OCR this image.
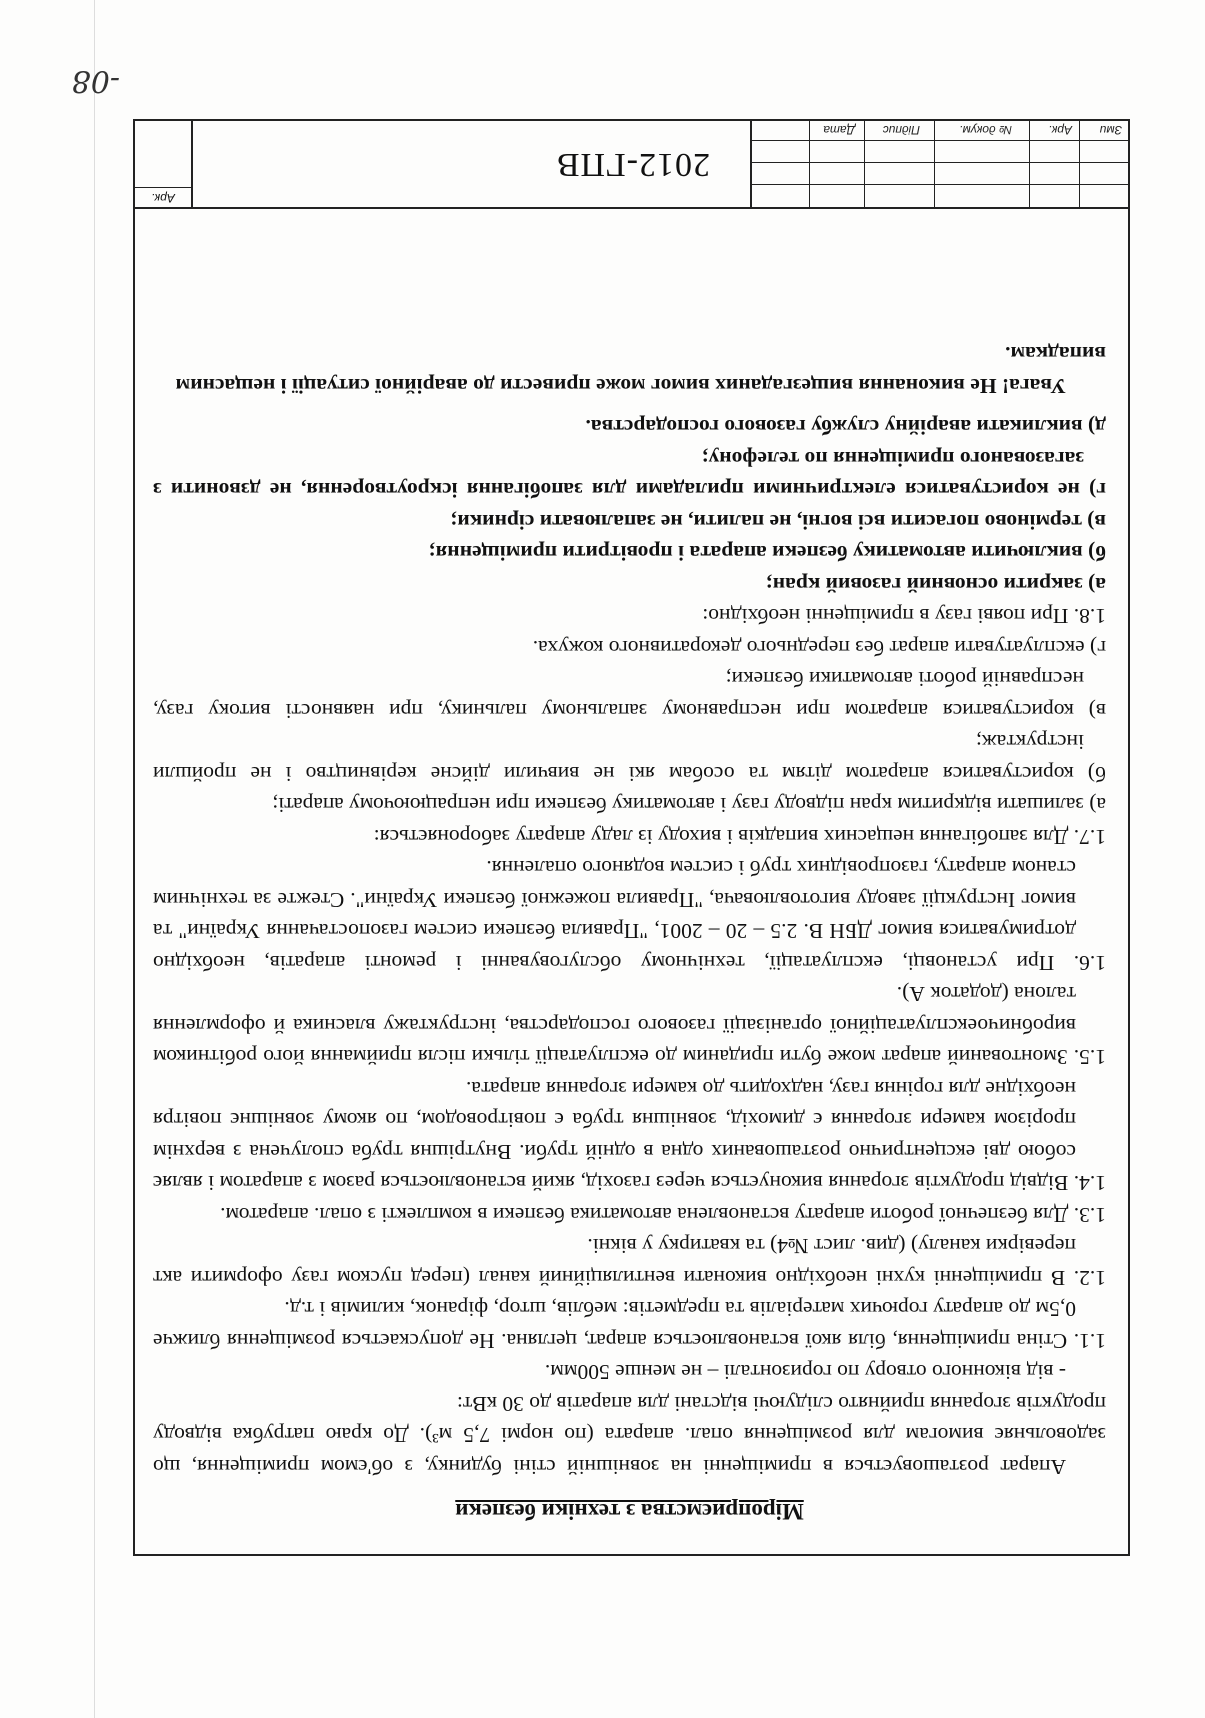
Мiроприємства з технiки безпеки

Апарат розташовується в приміщенні на зовнішній стіні будинку, з об'ємом приміщення, що задовольняє вимогам для розміщення опал. апарата (по нормі 7,5 м³). До краю патрубка відводу продуктів згорання прийнято слідуючі відстані для апаратів до 30 кВт:

- від віконного отвору по горизонталі – не менше 500мм.

1.1. Стіна приміщення, біля якої встановлюється апарат, цегляна. Не допускається розміщення ближче 0,5м до апарату горючих матеріалів та предметів: меблів, штор, фіранок, килимів і т.д.

1.2. В приміщенні кухні необхідно виконати вентиляційний канал (перед пуском газу оформити акт перевірки каналу) (див. лист №4) та кватирку у вікні.

1.3. Для безпечної роботи апарату встановлена автоматика безпеки в комплекті з опал. апаратом.

1.4. Відвід продуктів згорання виконується через газохід, який встановлюється разом з апаратом і являє собою дві ексцентрично розташованих одна в одній труби. Внутрішня труба сполучена з верхнім прорізом камери згорання є димохід, зовнішня труба є повітроводом, по якому зовнішнє повітря необхідне для горіння газу, надходить до камери згорання апарата.

1.5. Змонтований апарат може бути приданим до експлуатації тільки після приймання його робітником виробничоексплуатаційної організації газового господарства, інструктажу власника й оформлення талона (додаток А).

1.6. При установці, експлуатації, технічному обслуговуванні і ремонті апаратів, необхідно дотримуватися вимог ДБН В. 2.5 – 20 – 2001, "Правила безпеки систем газопостачання України" та вимог Інструкції заводу виготовлювача, "Правила пожежної безпеки України". Стежте за технічним станом апарату, газопровідних труб і систем водяного опалення.

1.7. Для запобігання нещасних випадків і виходу із ладу апарату забороняється:

а) залишати відкритим кран підводу газу і автоматику безпеки при непрацюючому апараті;

б) користуватися апаратом дітям та особам які не вивчили дійсне керівництво і не пройшли інструктаж;

в) користуватися апаратом при несправному запальному пальнику, при наявності витоку газу, несправній роботі автоматики безпеки;

г) експлуатувати апарат без переднього декоративного кожуха.

1.8. При появі газу в приміщенні необхідно:

а) закрити основний газовий кран;

б) виключити автоматику безпеки апарата і провітрити приміщення;

в) терміново погасити всі вогні, не палити, не запалювати сірники;

г) не користуватися електричними приладами для запобігання іскроутворення, не дзвонити з загазованого приміщення по телефону;

д) викликати аварійну службу газового господарства.

Увага! Не виконання вищезгаданих вимог може привести до аварійної ситуації і нещасним випадкам.

Зми
Арк.
№ докум.
Підпис
Дата
2012-ГПВ
Арк.
-08
